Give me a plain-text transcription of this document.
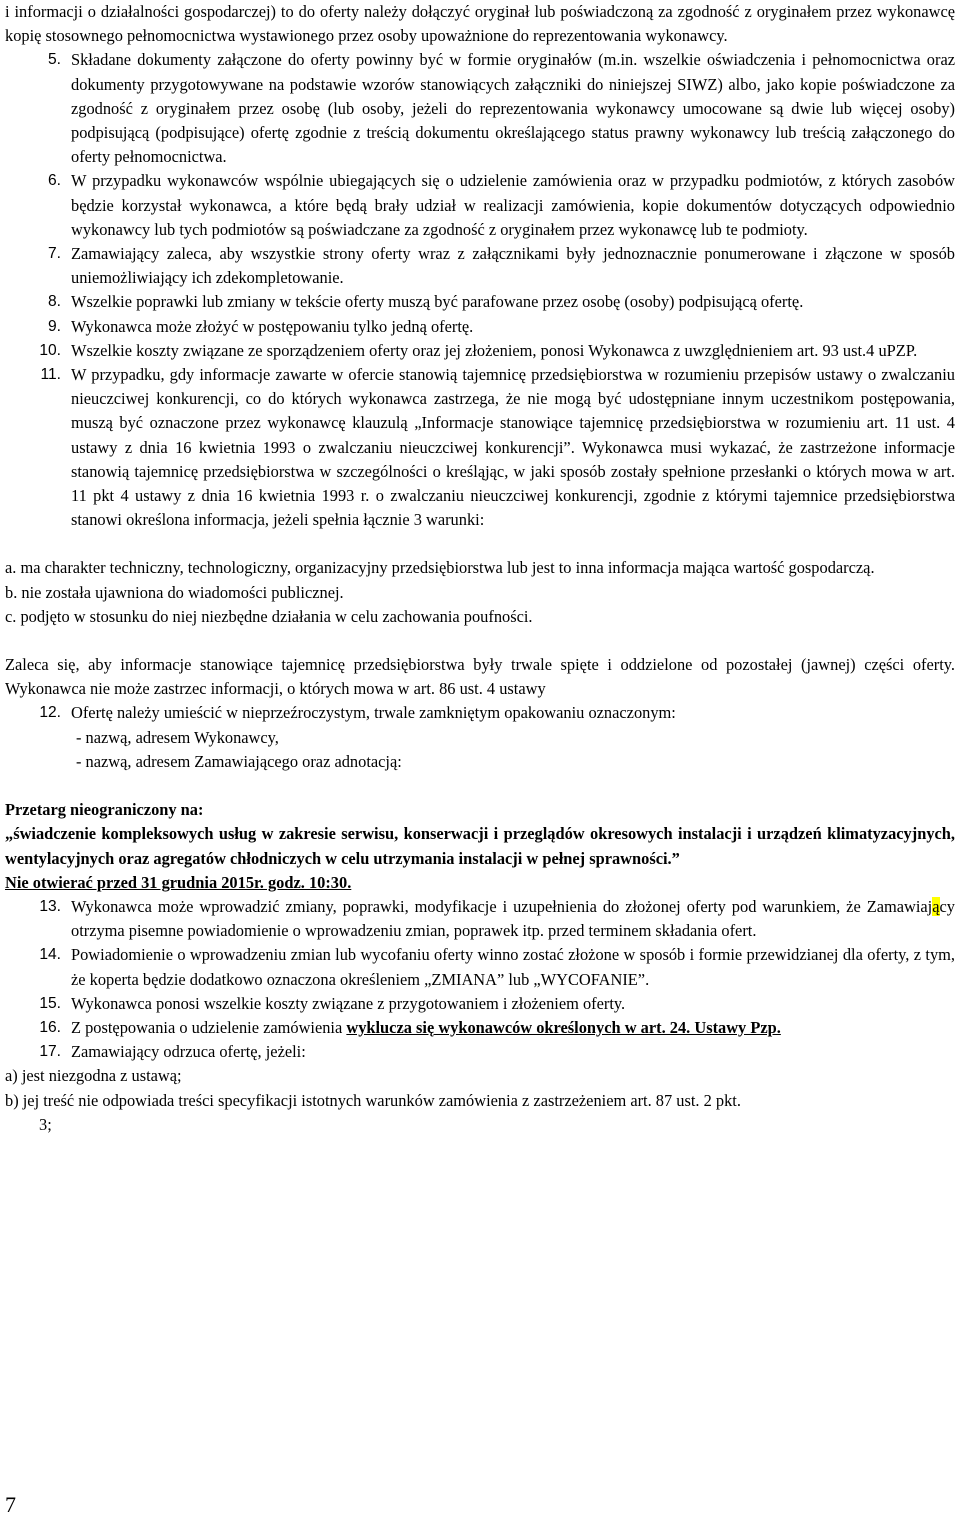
i informacji o działalności gospodarczej) to do oferty należy dołączyć oryginał lub poświadczoną za zgodność z oryginałem przez wykonawcę kopię stosownego pełnomocnictwa wystawionego przez osoby upoważnione do reprezentowania wykonawcy.
5. Składane dokumenty załączone do oferty powinny być w formie oryginałów (m.in. wszelkie oświadczenia i pełnomocnictwa oraz dokumenty przygotowywane na podstawie wzorów stanowiących załączniki do niniejszej SIWZ) albo, jako kopie poświadczone za zgodność z oryginałem przez osobę (lub osoby, jeżeli do reprezentowania wykonawcy umocowane są dwie lub więcej osoby) podpisującą (podpisujące) ofertę zgodnie z treścią dokumentu określającego status prawny wykonawcy lub treścią załączonego do oferty pełnomocnictwa.
6. W przypadku wykonawców wspólnie ubiegających się o udzielenie zamówienia oraz w przypadku podmiotów, z których zasobów będzie korzystał wykonawca, a które będą brały udział w realizacji zamówienia, kopie dokumentów dotyczących odpowiednio wykonawcy lub tych podmiotów są poświadczane za zgodność z oryginałem przez wykonawcę lub te podmioty.
7. Zamawiający zaleca, aby wszystkie strony oferty wraz z załącznikami były jednoznacznie ponumerowane i złączone w sposób uniemożliwiający ich zdekompletowanie.
8. Wszelkie poprawki lub zmiany w tekście oferty muszą być parafowane przez osobę (osoby) podpisującą ofertę.
9. Wykonawca może złożyć w postępowaniu tylko jedną ofertę.
10. Wszelkie koszty związane ze sporządzeniem oferty oraz jej złożeniem, ponosi Wykonawca z uwzględnieniem art. 93 ust.4 uPZP.
11. W przypadku, gdy informacje zawarte w ofercie stanowią tajemnicę przedsiębiorstwa w rozumieniu przepisów ustawy o zwalczaniu nieuczciwej konkurencji, co do których wykonawca zastrzega, że nie mogą być udostępniane innym uczestnikom postępowania, muszą być oznaczone przez wykonawcę klauzulą „Informacje stanowiące tajemnicę przedsiębiorstwa w rozumieniu art. 11 ust. 4 ustawy z dnia 16 kwietnia 1993 o zwalczaniu nieuczciwej konkurencji”. Wykonawca musi wykazać, że zastrzeżone informacje stanowią tajemnicę przedsiębiorstwa w szczególności o kreśląjąc, w jaki sposób zostały spełnione przesłanki o których mowa w art. 11 pkt 4 ustawy z dnia 16 kwietnia 1993 r. o zwalczaniu nieuczciwej konkurencji, zgodnie z którymi tajemnice przedsiębiorstwa stanowi określona informacja, jeżeli spełnia łącznie 3 warunki:
a. ma charakter techniczny, technologiczny, organizacyjny przedsiębiorstwa lub jest to inna informacja mająca wartość gospodarczą.
b. nie została ujawniona do wiadomości publicznej.
c. podjęto w stosunku do niej niezbędne działania w celu zachowania poufności.
Zaleca się, aby informacje stanowiące tajemnicę przedsiębiorstwa były trwale spięte i oddzielone od pozostałej (jawnej) części oferty. Wykonawca nie może zastrzec informacji, o których mowa w art. 86 ust. 4 ustawy
12. Ofertę należy umieścić w nieprzeźroczystym, trwale zamkniętym opakowaniu oznaczonym:
- nazwą, adresem Wykonawcy,
- nazwą, adresem Zamawiającego oraz adnotacją:
Przetarg nieograniczony na:
„świadczenie kompleksowych usług w zakresie serwisu, konserwacji i przeglądów okresowych instalacji i urządzeń klimatyzacyjnych, wentylacyjnych oraz agregatów chłodniczych w celu utrzymania instalacji w pełnej sprawności.”
Nie otwierać przed 31 grudnia 2015r. godz. 10:30.
13. Wykonawca może wprowadzić zmiany, poprawki, modyfikacje i uzupełnienia do złożonej oferty pod warunkiem, że Zamawiający otrzyma pisemne powiadomienie o wprowadzeniu zmian, poprawek itp. przed terminem składania ofert.
14. Powiadomienie o wprowadzeniu zmian lub wycofaniu oferty winno zostać złożone w sposób i formie przewidzianej dla oferty, z tym, że koperta będzie dodatkowo oznaczona określeniem „ZMIANA” lub „WYCOFANIE”.
15. Wykonawca ponosi wszelkie koszty związane z przygotowaniem i złożeniem oferty.
16. Z postępowania o udzielenie zamówienia wyklucza się wykonawców określonych w art. 24. Ustawy Pzp.
17. Zamawiający odrzuca ofertę, jeżeli:
a) jest niezgodna z ustawą;
b) jej treść nie odpowiada treści specyfikacji istotnych warunków zamówienia z zastrzeżeniem art. 87 ust. 2 pkt.
3;
7
